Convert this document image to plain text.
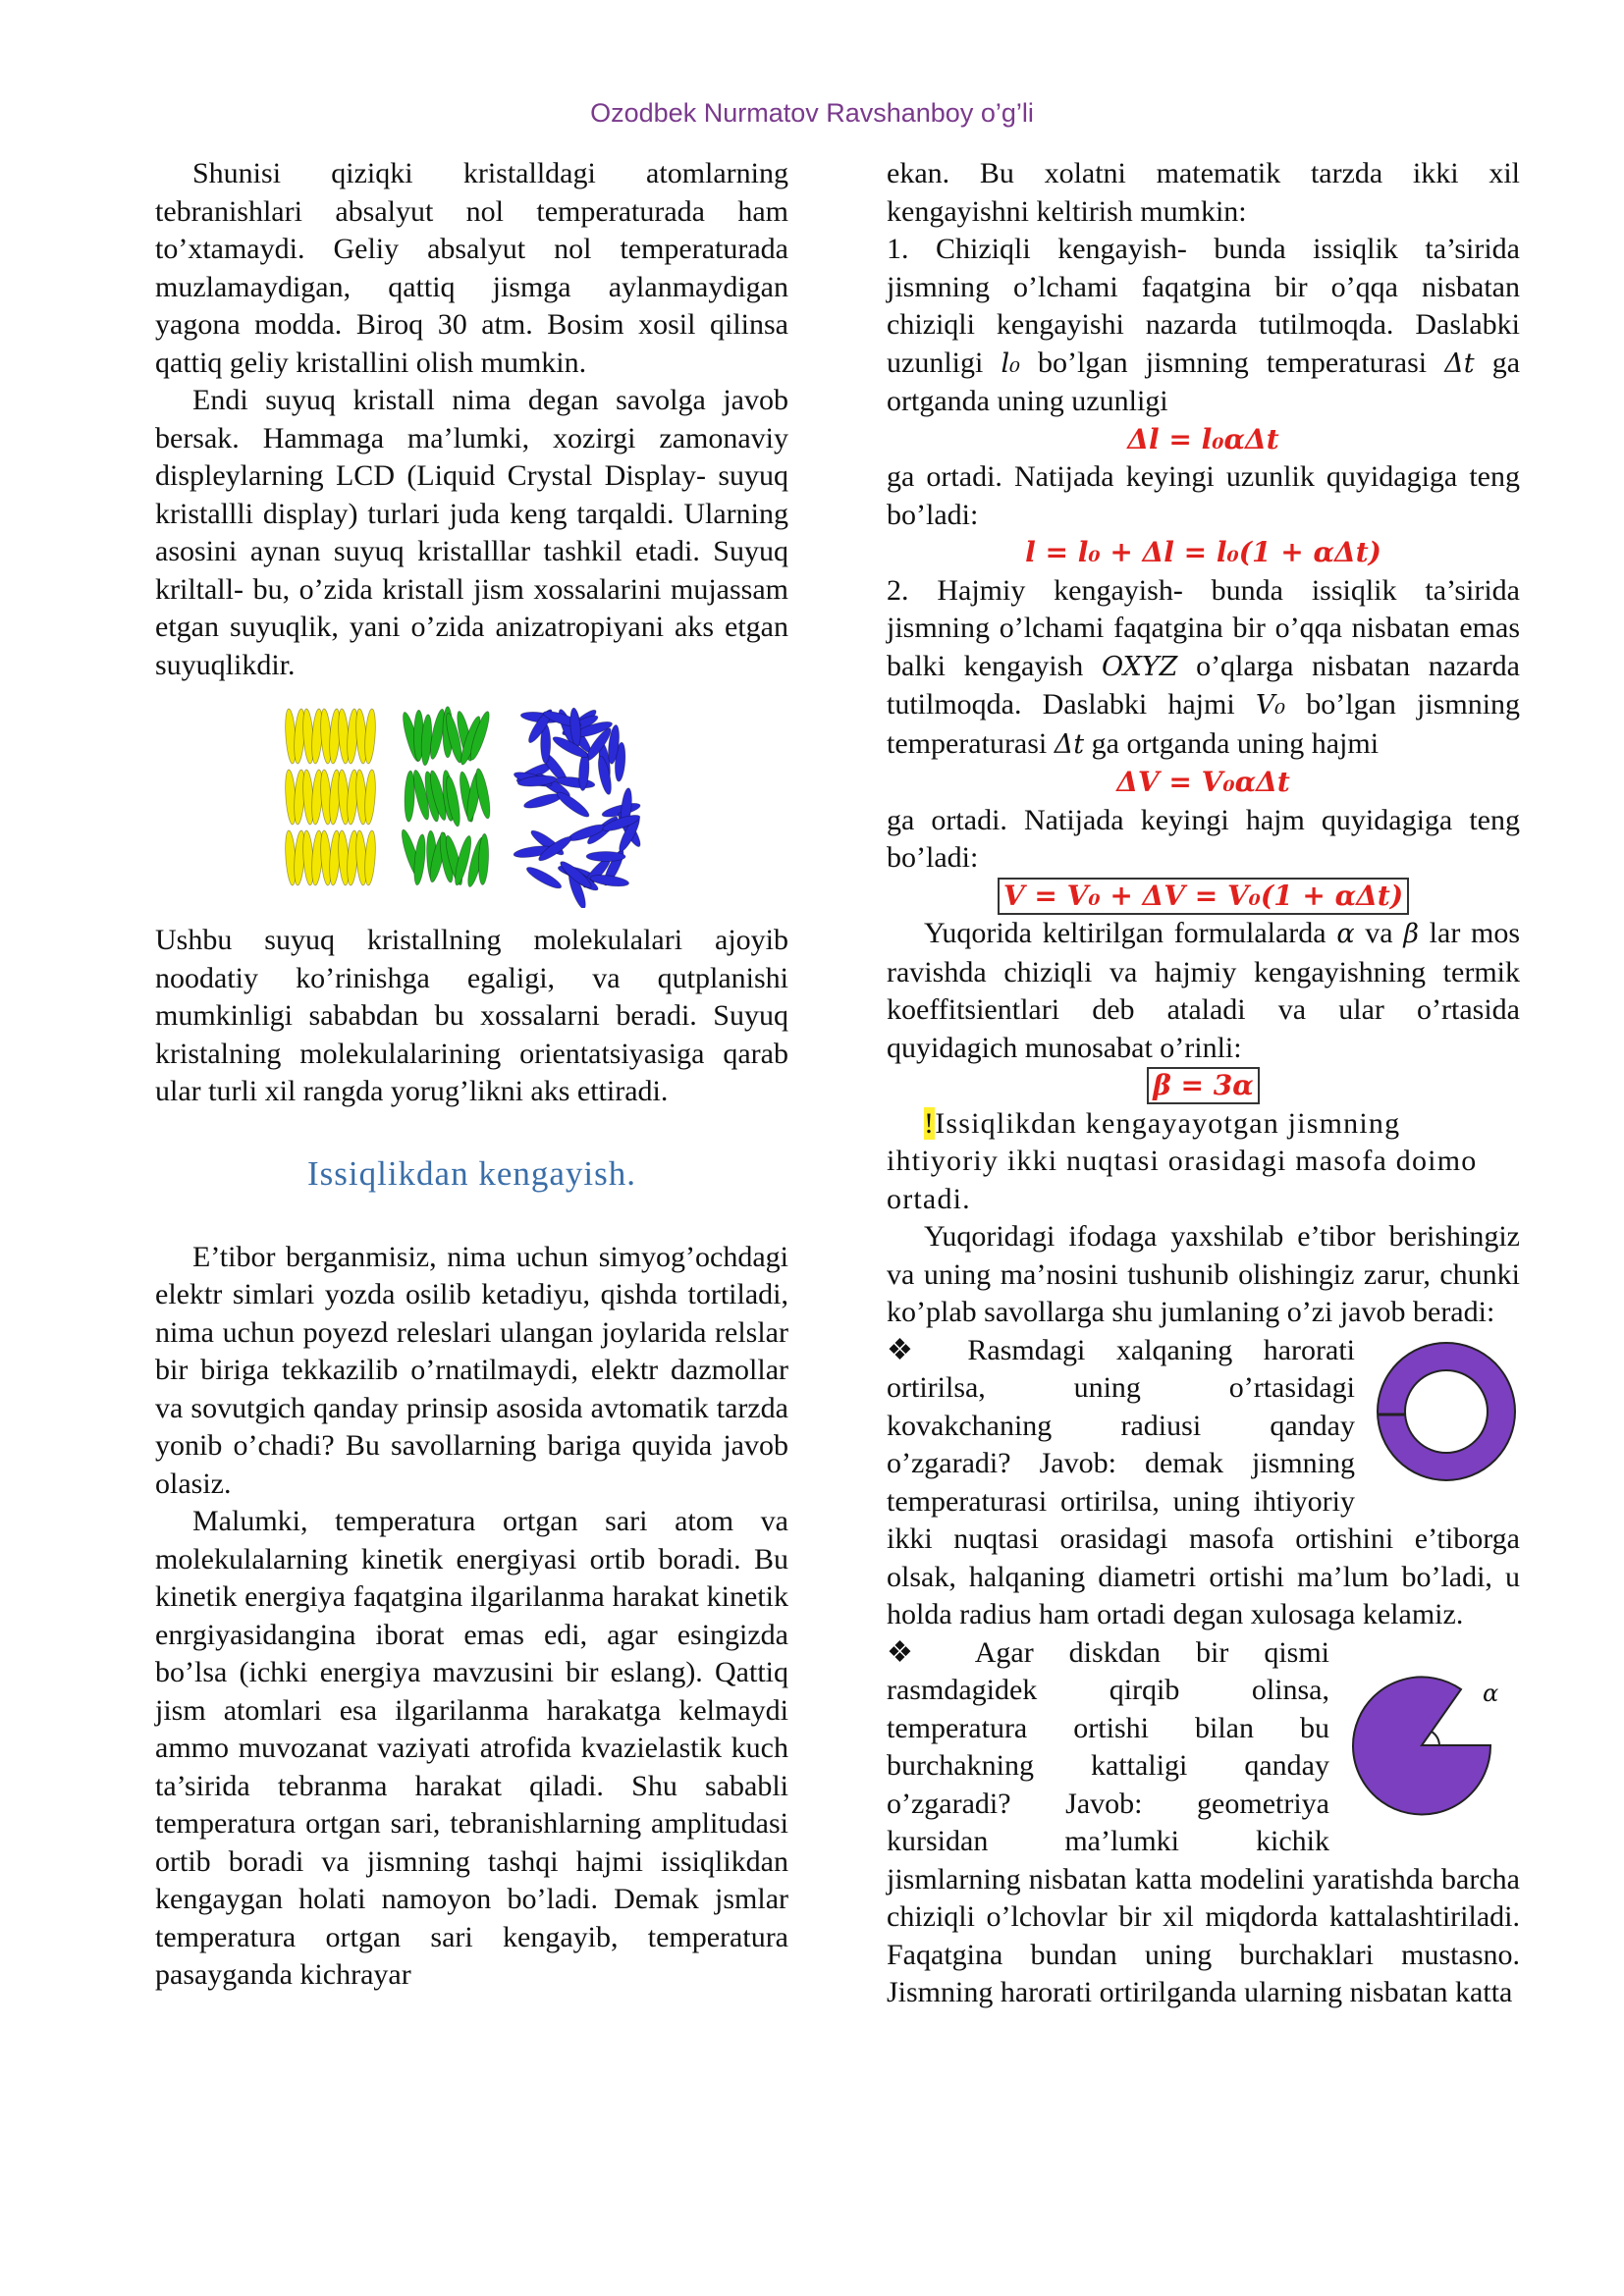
Ozodbek Nurmatov Ravshanboy o’g’li

Shunisi qiziqki kristalldagi atomlarning tebranishlari absalyut nol temperaturada ham to’xtamaydi. Geliy absalyut nol temperaturada muzlamaydigan, qattiq jismga aylanmaydigan yagona modda. Biroq 30 atm. Bosim xosil qilinsa qattiq geliy kristallini olish mumkin.

Endi suyuq kristall nima degan savolga javob bersak. Hammaga ma’lumki, xozirgi zamonaviy displeylarning LCD (Liquid Crystal Display- suyuq kristallli display) turlari juda keng tarqaldi. Ularning asosini aynan suyuq kristalllar tashkil etadi. Suyuq kriltall- bu, o’zida kristall jism xossalarini mujassam etgan suyuqlik, yani o’zida anizatropiyani aks etgan suyuqlikdir.

Ushbu suyuq kristallning molekulalari ajoyib noodatiy ko’rinishga egaligi, va qutplanishi mumkinligi sababdan bu xossalarni beradi. Suyuq kristalning molekulalarining orientatsiyasiga qarab ular turli xil rangda yorug’likni aks ettiradi.

Issiqlikdan kengayish.

E’tibor berganmisiz, nima uchun simyog’ochdagi elektr simlari yozda osilib ketadiyu, qishda tortiladi, nima uchun poyezd releslari ulangan joylarida relslar bir biriga tekkazilib o’rnatilmaydi, elektr dazmollar va sovutgich qanday prinsip asosida avtomatik tarzda yonib o’chadi? Bu savollarning bariga quyida javob olasiz.

Malumki, temperatura ortgan sari atom va molekulalarning kinetik energiyasi ortib boradi. Bu kinetik energiya faqatgina ilgarilanma harakat kinetik enrgiyasidangina iborat emas edi, agar esingizda bo’lsa (ichki energiya mavzusini bir eslang). Qattiq jism atomlari esa ilgarilanma harakatga kelmaydi ammo muvozanat vaziyati atrofida kvazielastik kuch ta’sirida tebranma harakat qiladi. Shu sababli temperatura ortgan sari, tebranishlarning amplitudasi ortib boradi va jismning tashqi hajmi issiqlikdan kengaygan holati namoyon bo’ladi. Demak jsmlar temperatura ortgan sari kengayib, temperatura pasayganda kichrayar

ekan. Bu xolatni matematik tarzda ikki xil kengayishni keltirish mumkin:

1. Chiziqli kengayish- bunda issiqlik ta’sirida jismning o’lchami faqatgina bir o’qqa nisbatan chiziqli kengayishi nazarda tutilmoqda. Daslabki uzunligi l₀ bo’lgan jismning temperaturasi Δt ga ortganda uning uzunligi

Δl = l₀αΔt

ga ortadi. Natijada keyingi uzunlik quyidagiga teng bo’ladi:

l = l₀ + Δl = l₀(1 + αΔt)

2. Hajmiy kengayish- bunda issiqlik ta’sirida jismning o’lchami faqatgina bir o’qqa nisbatan emas balki kengayish OXYZ o’qlarga nisbatan nazarda tutilmoqda. Daslabki hajmi V₀ bo’lgan jismning temperaturasi Δt ga ortganda uning hajmi

ΔV = V₀αΔt

ga ortadi. Natijada keyingi hajm quyidagiga teng bo’ladi:

V = V₀ + ΔV = V₀(1 + αΔt)

Yuqorida keltirilgan formulalarda α va β lar mos ravishda chiziqli va hajmiy kengayishning termik koeffitsientlari deb ataladi va ular o’rtasida quyidagich munosabat o’rinli:

β = 3α

!Issiqlikdan kengayayotgan jismning ihtiyoriy ikki nuqtasi orasidagi masofa doimo ortadi.

Yuqoridagi ifodaga yaxshilab e’tibor berishingiz va uning ma’nosini tushunib olishingiz zarur, chunki ko’plab savollarga shu jumlaning o’zi javob beradi:

❖ Rasmdagi xalqaning harorati ortirilsa, uning o’rtasidagi kovakchaning radiusi qanday o’zgaradi? Javob: demak jismning temperaturasi ortirilsa, uning ihtiyoriy ikki nuqtasi orasidagi masofa ortishini e’tiborga olsak, halqaning diametri ortishi ma’lum bo’ladi, u holda radius ham ortadi degan xulosaga kelamiz.

α

❖ Agar diskdan bir qismi rasmdagidek qirqib olinsa, temperatura ortishi bilan bu burchakning kattaligi qanday o’zgaradi? Javob: geometriya kursidan ma’lumki kichik jismlarning nisbatan katta modelini yaratishda barcha chiziqli o’lchovlar bir xil miqdorda kattalashtiriladi. Faqatgina bundan uning burchaklari mustasno. Jismning harorati ortirilganda ularning nisbatan katta
